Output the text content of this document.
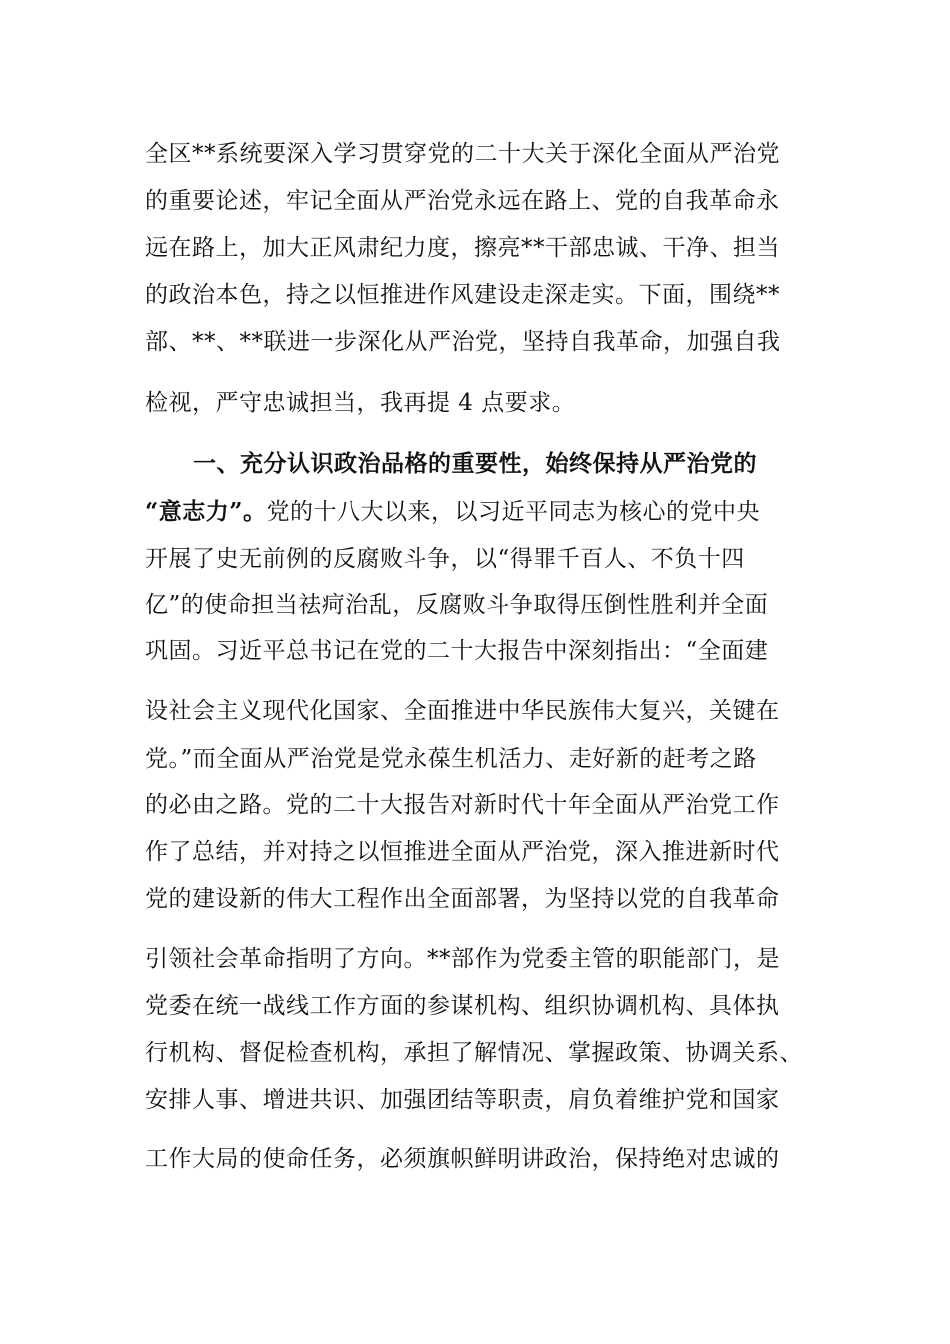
全区**系统要深入学习贯穿党的二十大关于深化全面从严治党
的重要论述，牢记全面从严治党永远在路上、党的自我革命永
远在路上，加大正风肃纪力度，擦亮**干部忠诚、干净、担当
的政治本色，持之以恒推进作风建设走深走实。下面，围绕**
部、**、**联进一步深化从严治党，坚持自我革命，加强自我
检视，严守忠诚担当，我再提 4 点要求。
一、充分认识政治品格的重要性，始终保持从严治党的
“意志力”。党的十八大以来，以习近平同志为核心的党中央
开展了史无前例的反腐败斗争，以“得罪千百人、不负十四
亿”的使命担当祛疴治乱，反腐败斗争取得压倒性胜利并全面
巩固。习近平总书记在党的二十大报告中深刻指出：“全面建
设社会主义现代化国家、全面推进中华民族伟大复兴，关键在
党。”而全面从严治党是党永葆生机活力、走好新的赶考之路
的必由之路。党的二十大报告对新时代十年全面从严治党工作
作了总结，并对持之以恒推进全面从严治党，深入推进新时代
党的建设新的伟大工程作出全面部署，为坚持以党的自我革命
引领社会革命指明了方向。**部作为党委主管的职能部门，是
党委在统一战线工作方面的参谋机构、组织协调机构、具体执
行机构、督促检查机构，承担了解情况、掌握政策、协调关系、
安排人事、增进共识、加强团结等职责，肩负着维护党和国家
工作大局的使命任务，必须旗帜鲜明讲政治，保持绝对忠诚的
